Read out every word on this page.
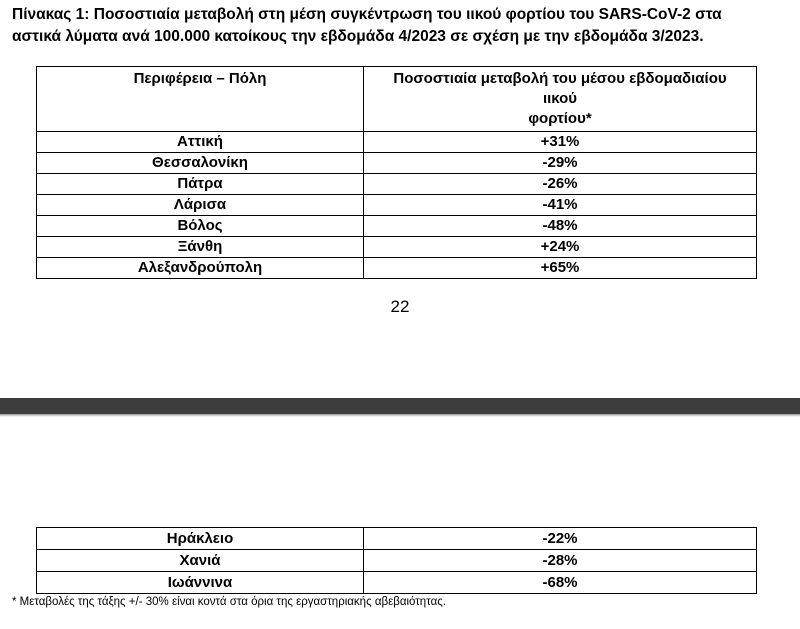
Πίνακας 1: Ποσοστιαία μεταβολή στη μέση συγκέντρωση του ιικού φορτίου του SARS-CoV-2 στα
αστικά λύματα ανά 100.000 κατοίκους την εβδομάδα 4/2023 σε σχέση με την εβδομάδα 3/2023.
Περιφέρεια – Πόλη	Ποσοστιαία μεταβολή του μέσου εβδομαδιαίου
ιικού
φορτίου*

Αττική	+31%
Θεσσαλονίκη	-29%
Πάτρα	-26%
Λάρισα	-41%
Βόλος	-48%
Ξάνθη	+24%
Αλεξανδρούπολη	+65%
22
Ηράκλειο	-22%
Χανιά	-28%
Ιωάννινα	-68%
* Μεταβολές της τάξης +/- 30% είναι κοντά στα όρια της εργαστηριακής αβεβαιότητας.
